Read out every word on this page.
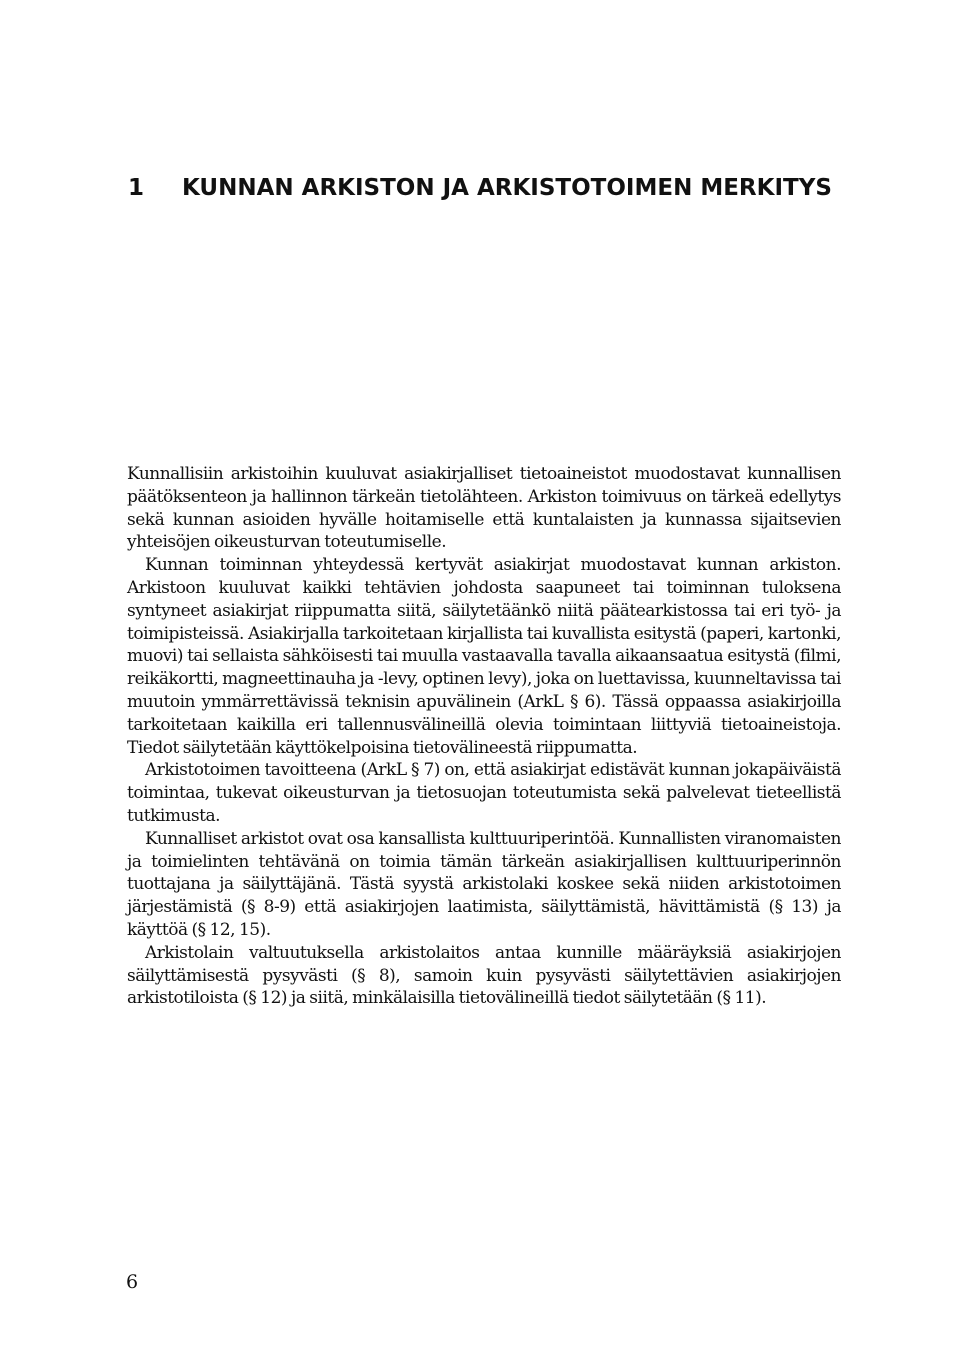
1	KUNNAN ARKISTON JA ARKISTOTOIMEN MERKITYS

Kunnallisiin arkistoihin kuuluvat asiakirjalliset tietoaineistot muodostavat kunnallisen päätöksenteon ja hallinnon tärkeän tietolähteen. Arkiston toimivuus on tärkeä edellytys sekä kunnan asioiden hyvälle hoitamiselle että kuntalaisten ja kunnassa sijaitsevien yhteisöjen oikeusturvan toteutumiselle.

Kunnan toiminnan yhteydessä kertyvät asiakirjat muodostavat kunnan arkiston. Arkistoon kuuluvat kaikki tehtävien johdosta saapuneet tai toiminnan tuloksena syntyneet asiakirjat riippumatta siitä, säilytetäänkö niitä päätearkistossa tai eri työ- ja toimipisteissä. Asiakirjalla tarkoitetaan kirjallista tai kuvallista esitystä (paperi, kartonki, muovi) tai sellaista sähköisesti tai muulla vastaavalla tavalla aikaansaatua esitystä (filmi, reikäkortti, magneettinauha ja -levy, optinen levy), joka on luettavissa, kuunneltavissa tai muutoin ymmärrettävissä teknisin apuvälinein (ArkL § 6). Tässä oppaassa asiakirjoilla tarkoitetaan kaikilla eri tallennusvälineillä olevia toimintaan liittyviä tietoaineistoja. Tiedot säilytetään käyttökelpoisina tietovälineestä riippumatta.

Arkistotoimen tavoitteena (ArkL § 7) on, että asiakirjat edistävät kunnan jokapäiväistä toimintaa, tukevat oikeusturvan ja tietosuojan toteutumista sekä palvelevat tieteellistä tutkimusta.

Kunnalliset arkistot ovat osa kansallista kulttuuriperintöä. Kunnallisten viranomaisten ja toimielinten tehtävänä on toimia tämän tärkeän asiakirjallisen kulttuuriperinnön tuottajana ja säilyttäjänä. Tästä syystä arkistolaki koskee sekä niiden arkistotoimen järjestämistä (§ 8-9) että asiakirjojen laatimista, säilyttämistä, hävittämistä (§ 13) ja käyttöä (§ 12, 15).

Arkistolain valtuutuksella arkistolaitos antaa kunnille määräyksiä asiakirjojen säilyttämisestä pysyvästi (§ 8), samoin kuin pysyvästi säilytettävien asiakirjojen arkistotiloista (§ 12) ja siitä, minkälaisilla tietovälineillä tiedot säilytetään (§ 11).

6
